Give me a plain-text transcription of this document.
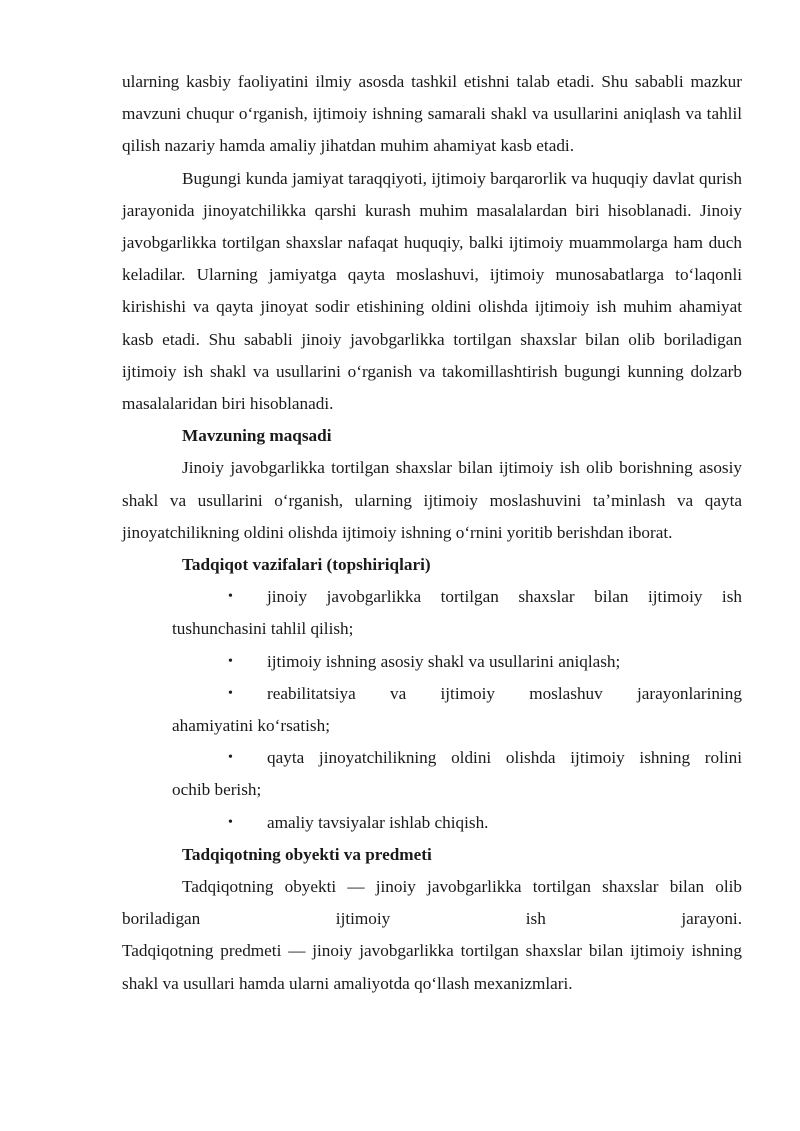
ularning kasbiy faoliyatini ilmiy asosda tashkil etishni talab etadi. Shu sababli mazkur mavzuni chuqur oʻrganish, ijtimoiy ishning samarali shakl va usullarini aniqlash va tahlil qilish nazariy hamda amaliy jihatdan muhim ahamiyat kasb etadi.

Bugungi kunda jamiyat taraqqiyoti, ijtimoiy barqarorlik va huquqiy davlat qurish jarayonida jinoyatchilikka qarshi kurash muhim masalalardan biri hisoblanadi. Jinoiy javobgarlikka tortilgan shaxslar nafaqat huquqiy, balki ijtimoiy muammolarga ham duch keladilar. Ularning jamiyatga qayta moslashuvi, ijtimoiy munosabatlarga toʻlaqonli kirishishi va qayta jinoyat sodir etishining oldini olishda ijtimoiy ish muhim ahamiyat kasb etadi. Shu sababli jinoiy javobgarlikka tortilgan shaxslar bilan olib boriladigan ijtimoiy ish shakl va usullarini oʻrganish va takomillashtirish bugungi kunning dolzarb masalalaridan biri hisoblanadi.

Mavzuning maqsadi

Jinoiy javobgarlikka tortilgan shaxslar bilan ijtimoiy ish olib borishning asosiy shakl va usullarini oʻrganish, ularning ijtimoiy moslashuvini taʼminlash va qayta jinoyatchilikning oldini olishda ijtimoiy ishning oʻrnini yoritib berishdan iborat.

Tadqiqot vazifalari (topshiriqlari)

• jinoiy javobgarlikka tortilgan shaxslar bilan ijtimoiy ish
tushunchasini tahlil qilish;
• ijtimoiy ishning asosiy shakl va usullarini aniqlash;
• reabilitatsiya va ijtimoiy moslashuv jarayonlarining
ahamiyatini koʻrsatish;
• qayta jinoyatchilikning oldini olishda ijtimoiy ishning rolini
ochib berish;
• amaliy tavsiyalar ishlab chiqish.

Tadqiqotning obyekti va predmeti

Tadqiqotning obyekti — jinoiy javobgarlikka tortilgan shaxslar bilan olib
boriladigan ijtimoiy ish jarayoni.

Tadqiqotning predmeti — jinoiy javobgarlikka tortilgan shaxslar bilan ijtimoiy ishning shakl va usullari hamda ularni amaliyotda qoʻllash mexanizmlari.
